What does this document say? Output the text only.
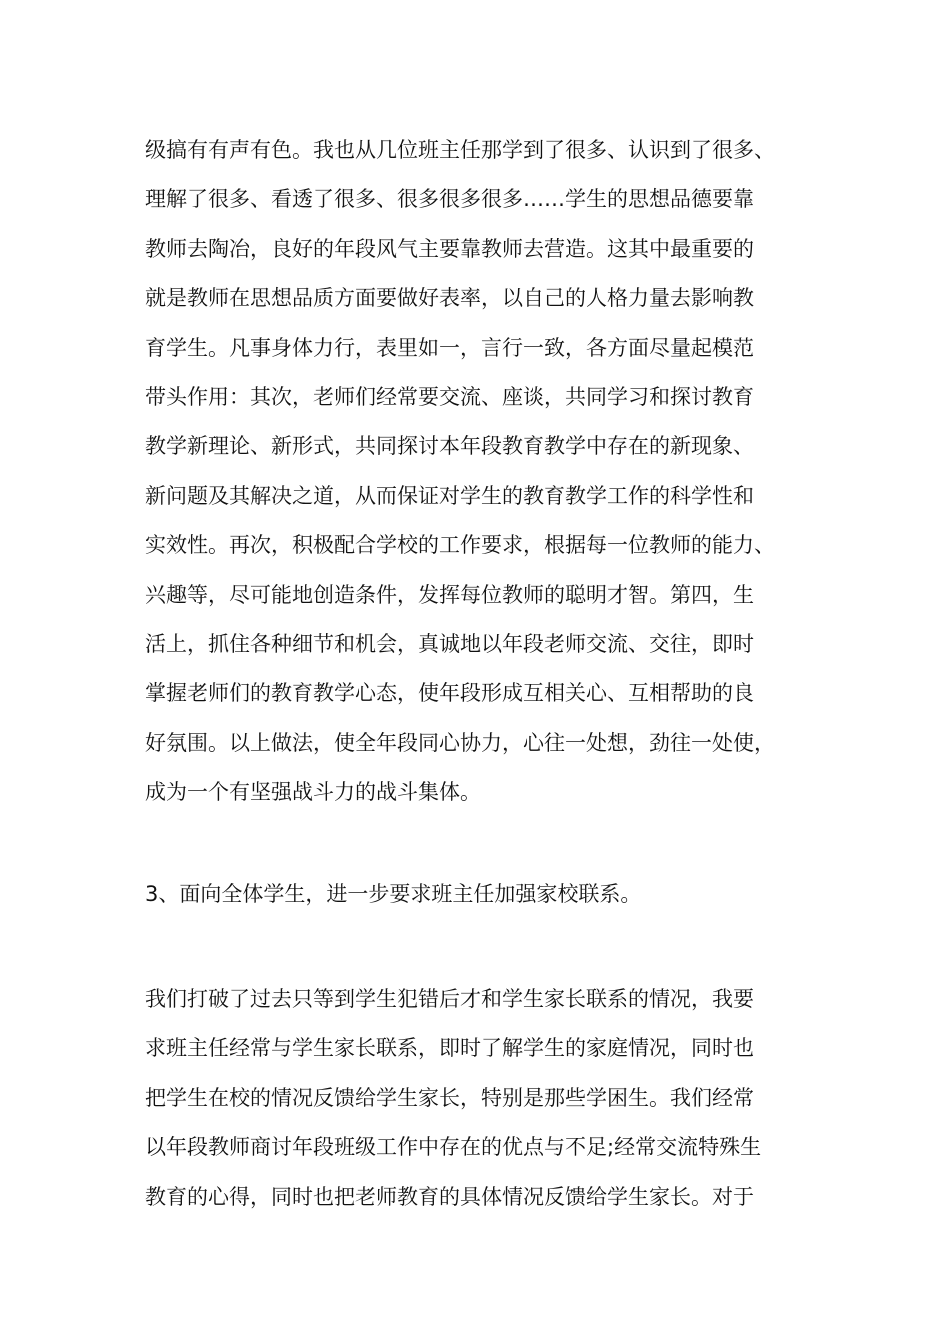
级搞有有声有色。我也从几位班主任那学到了很多、认识到了很多、
理解了很多、看透了很多、很多很多很多……学生的思想品德要靠
教师去陶冶，良好的年段风气主要靠教师去营造。这其中最重要的
就是教师在思想品质方面要做好表率，以自己的人格力量去影响教
育学生。凡事身体力行，表里如一，言行一致，各方面尽量起模范
带头作用：其次，老师们经常要交流、座谈，共同学习和探讨教育
教学新理论、新形式，共同探讨本年段教育教学中存在的新现象、
新问题及其解决之道，从而保证对学生的教育教学工作的科学性和
实效性。再次，积极配合学校的工作要求，根据每一位教师的能力、
兴趣等，尽可能地创造条件，发挥每位教师的聪明才智。第四，生
活上，抓住各种细节和机会，真诚地以年段老师交流、交往，即时
掌握老师们的教育教学心态，使年段形成互相关心、互相帮助的良
好氛围。以上做法，使全年段同心协力，心往一处想，劲往一处使，
成为一个有坚强战斗力的战斗集体。
3、面向全体学生，进一步要求班主任加强家校联系。
我们打破了过去只等到学生犯错后才和学生家长联系的情况，我要
求班主任经常与学生家长联系，即时了解学生的家庭情况，同时也
把学生在校的情况反馈给学生家长，特别是那些学困生。我们经常
以年段教师商讨年段班级工作中存在的优点与不足;经常交流特殊生
教育的心得，同时也把老师教育的具体情况反馈给学生家长。对于
